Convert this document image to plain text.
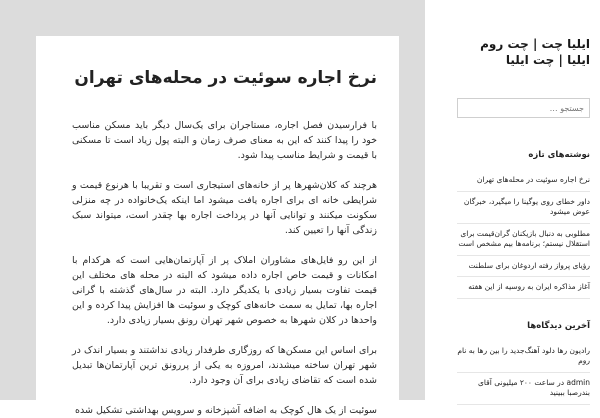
نرخ اجاره سوئیت در محله‌های تهران

با فرارسیدن فصل اجاره، مستاجران برای یک‌سال دیگر باید مسکن مناسب خود را پیدا کنند که این به معنای صرف زمان و البته پول زیاد است تا مسکنی با قیمت و شرایط مناسب پیدا شود.

هرچند که کلان‌شهرها پر از خانه‌های استیجاری است و تقریبا با هرنوع قیمت و شرایطی خانه ای برای اجاره یافت میشود اما اینکه یک‌خانواده در چه منزلی سکونت میکنند و توانایی آنها در پرداخت اجاره بها چقدر است، میتواند سبک زندگی آنها را تعیین کند.

از این رو فایل‌های مشاوران املاک پر از آپارتمان‌هایی است که هرکدام با امکانات و قیمت خاص اجاره داده میشود که البته در محله های مختلف این قیمت تفاوت بسیار زیادی با یکدیگر دارد. البته در سال‌های گذشته با گرانی اجاره بها، تمایل به سمت خانه‌های کوچک و سوئیت ها افزایش پیدا کرده و این واحدها در کلان شهرها به خصوص شهر تهران رونق بسیار زیادی دارد.

برای اساس این مسکن‌ها که روزگاری طرفدار زیادی نداشتند و بسیار اندک در شهر تهران ساخته میشدند، امروزه به یکی از پررونق ترین آپارتمان‌ها تبدیل شده است که تقاضای زیادی برای آن وجود دارد.

سوئیت از یک هال کوچک به اضافه آشپزخانه و سرویس بهداشتی تشکیل شده

ایلیا چت | چت روم ایلیا | چت ایلیا
جستجو …
نوشته‌های تازه
نرخ اجاره سوئیت در محله‌های تهران
داور خطای روی یوگینا را میگیرد، خبرگان عوض میشود
مطلوبی به دنبال بازیکنان گران‌قیمت برای استقلال نیستم؛ برنامه‌ها بیم مشخص است
رؤیای پرواز رفته اردوغان برای سلطنت
آغاز مذاکره ایران به روسیه از این هفته
آخرین دیدگاه‌ها
رادیون رها دلود آهنگ‌جدید را بین رها به نام روم
admin در ساعت ۲۰۰ میلیونی آقای بندرصبا ببینید
